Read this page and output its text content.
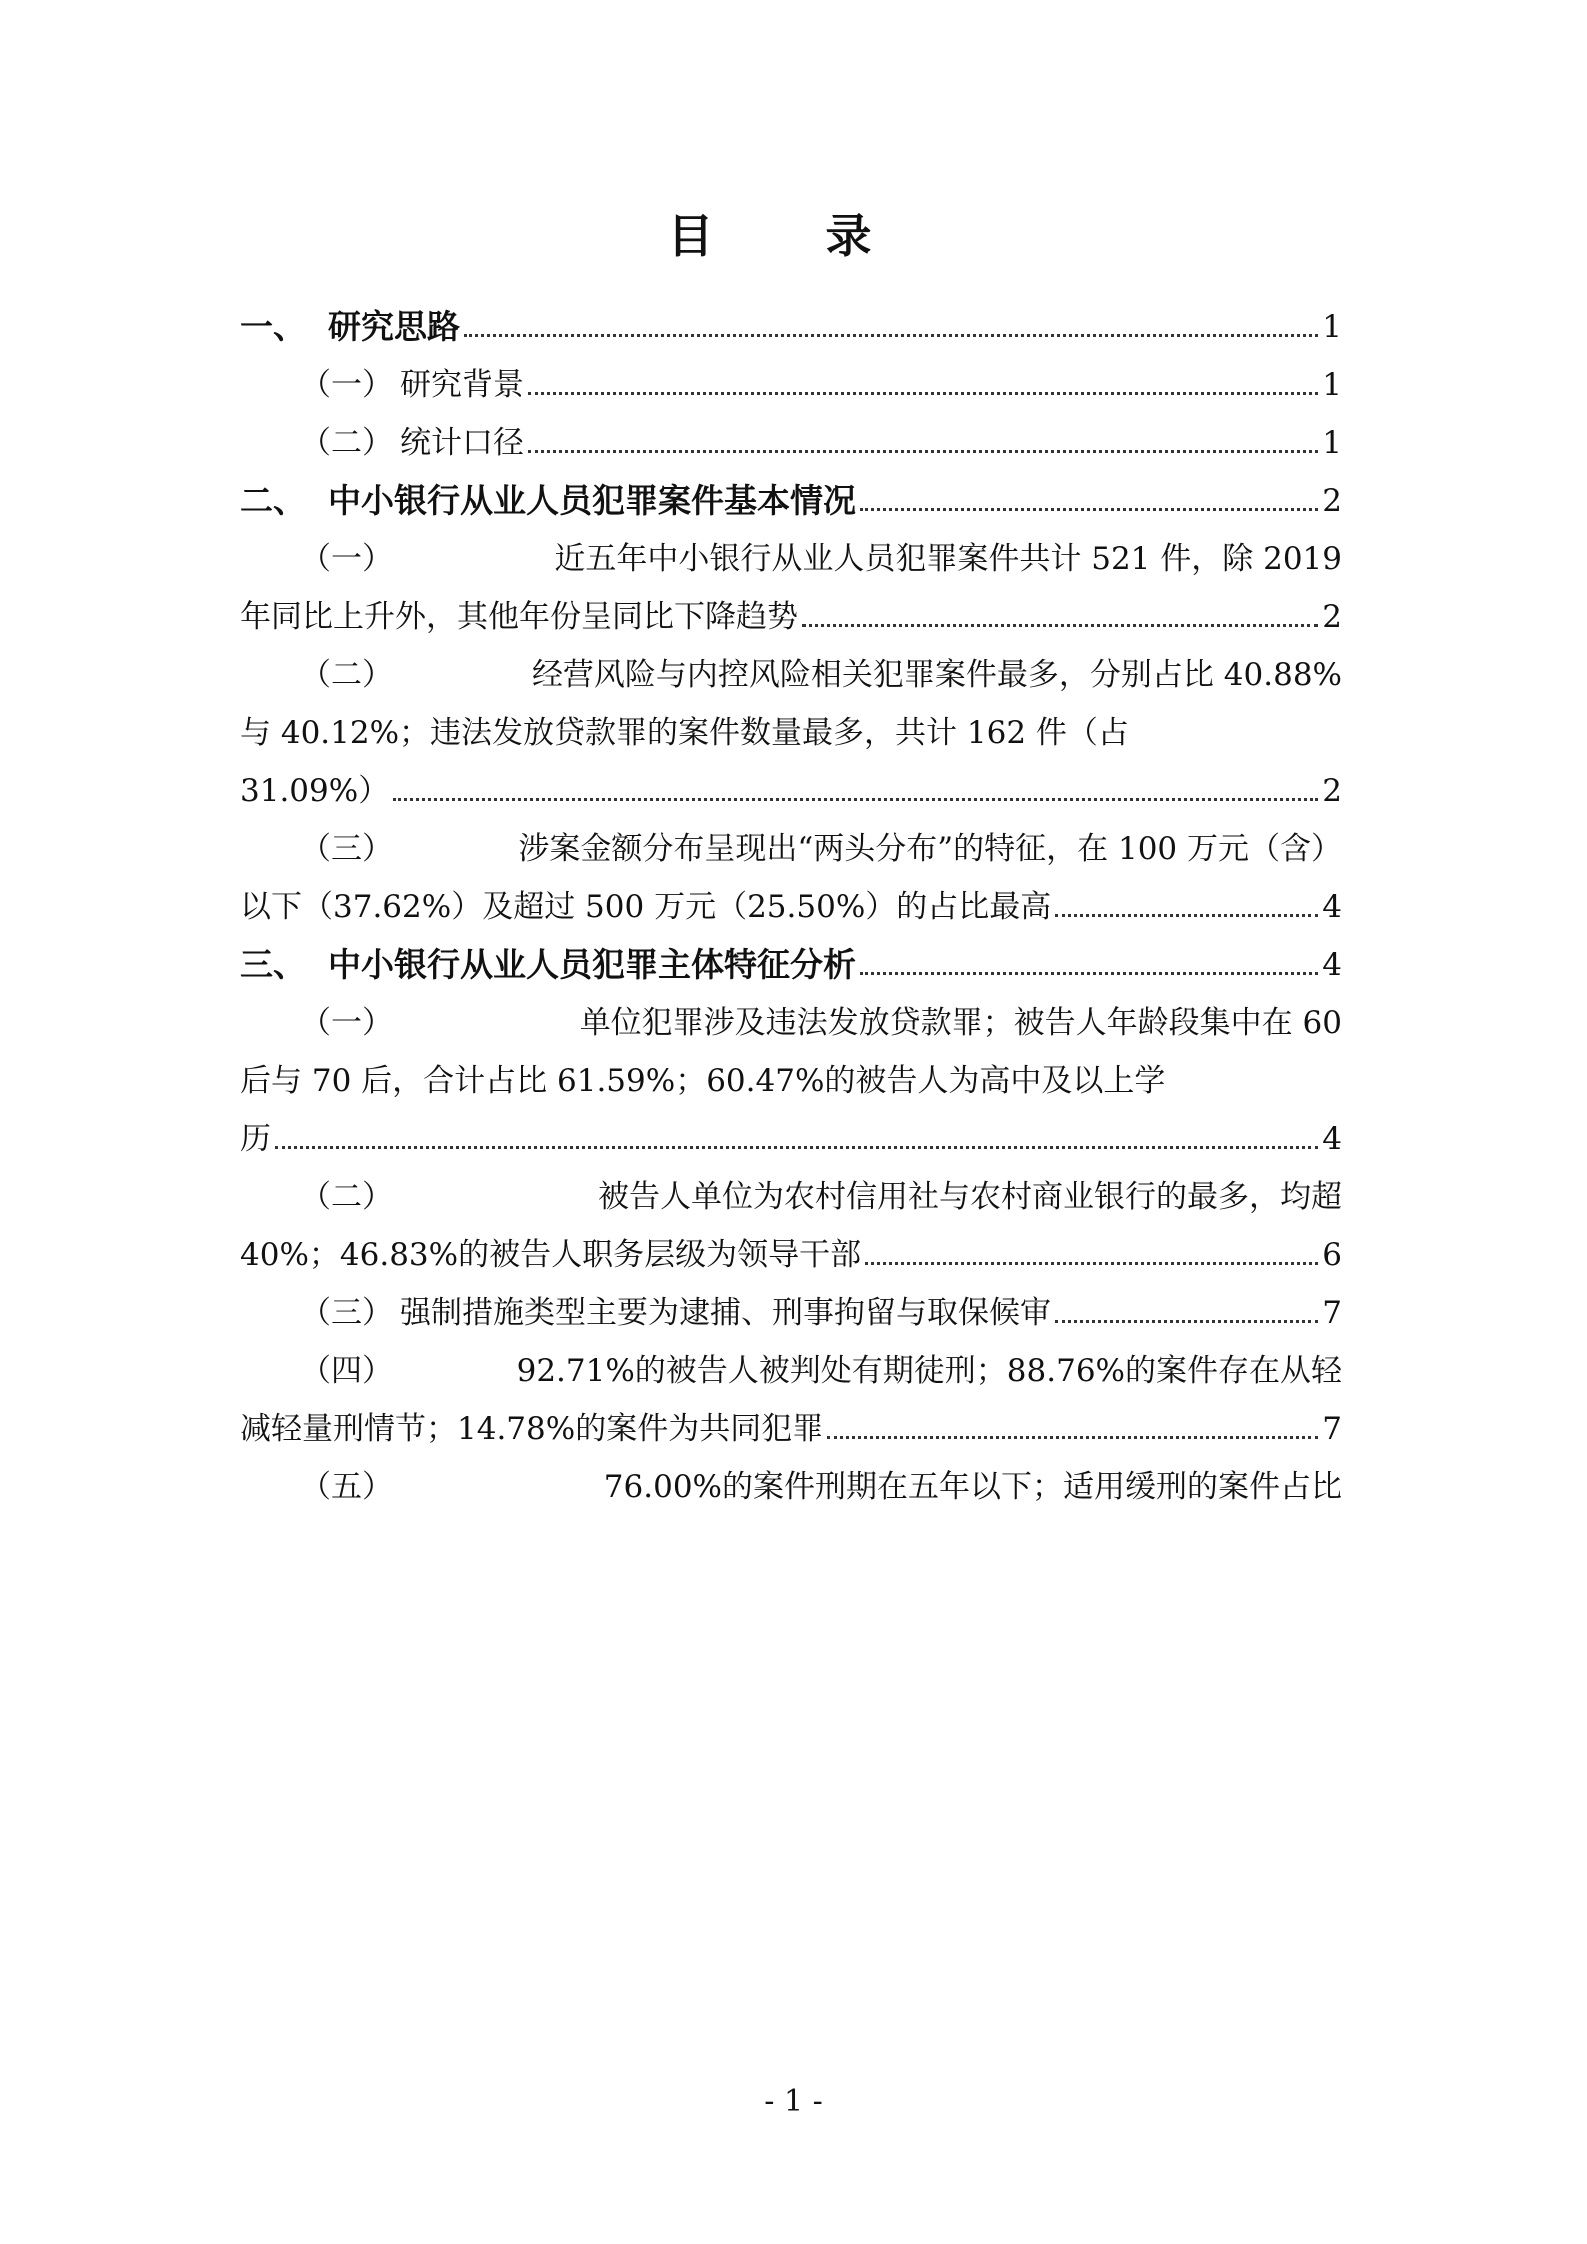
目 录
一、 研究思路	1
（一） 研究背景	1
（二） 统计口径	1
二、 中小银行从业人员犯罪案件基本情况	2
（一）	近五年中小银行从业人员犯罪案件共计 521 件，除 2019
年同比上升外，其他年份呈同比下降趋势	2
（二）	经营风险与内控风险相关犯罪案件最多，分别占比 40.88%
与 40.12%；违法发放贷款罪的案件数量最多，共计 162 件（占
31.09%）	2
（三）	涉案金额分布呈现出“两头分布”的特征，在 100 万元（含）
以下（37.62%）及超过 500 万元（25.50%）的占比最高	4
三、 中小银行从业人员犯罪主体特征分析	4
（一）	单位犯罪涉及违法发放贷款罪；被告人年龄段集中在 60
后与 70 后，合计占比 61.59%；60.47%的被告人为高中及以上学
历	4
（二）	被告人单位为农村信用社与农村商业银行的最多，均超
40%；46.83%的被告人职务层级为领导干部	6
（三） 强制措施类型主要为逮捕、刑事拘留与取保候审	7
（四）	92.71%的被告人被判处有期徒刑；88.76%的案件存在从轻
减轻量刑情节；14.78%的案件为共同犯罪	7
（五）	76.00%的案件刑期在五年以下；适用缓刑的案件占比
- 1 -
